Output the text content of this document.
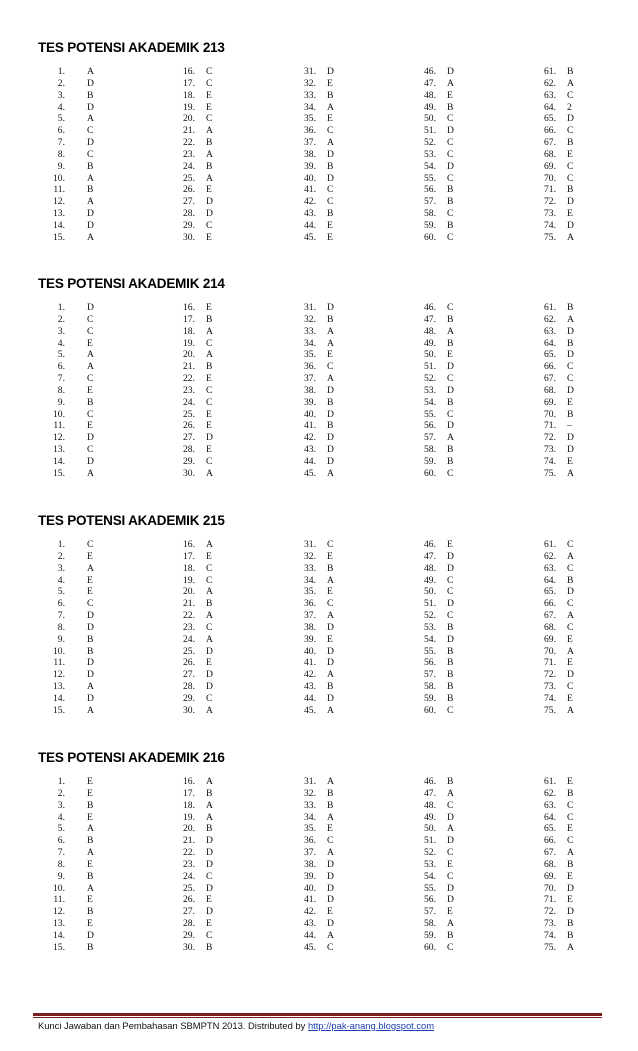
TES POTENSI AKADEMIK 213
1. A
2. D
3. B
4. D
5. A
6. C
7. D
8. C
9. B
10. A
11. B
12. A
13. D
14. D
15. A
16. C
17. C
18. E
19. E
20. C
21. A
22. B
23. A
24. B
25. A
26. E
27. D
28. D
29. C
30. E
31. D
32. E
33. B
34. A
35. E
36. C
37. A
38. D
39. B
40. D
41. C
42. C
43. B
44. E
45. E
46. D
47. A
48. E
49. B
50. C
51. D
52. C
53. C
54. D
55. C
56. B
57. B
58. C
59. B
60. C
61. B
62. A
63. C
64. 2
65. D
66. C
67. B
68. E
69. C
70. C
71. B
72. D
73. E
74. D
75. A
TES POTENSI AKADEMIK 214
1. D
2. C
3. C
4. E
5. A
6. A
7. C
8. E
9. B
10. C
11. E
12. D
13. C
14. D
15. A
16. E
17. B
18. A
19. C
20. A
21. B
22. E
23. C
24. C
25. E
26. E
27. D
28. E
29. C
30. A
31. D
32. B
33. A
34. A
35. E
36. C
37. A
38. D
39. B
40. D
41. B
42. D
43. D
44. D
45. A
46. C
47. B
48. A
49. B
50. E
51. D
52. C
53. D
54. B
55. C
56. D
57. A
58. B
59. B
60. C
61. B
62. A
63. D
64. B
65. D
66. C
67. C
68. D
69. E
70. B
71. –
72. D
73. D
74. E
75. A
TES POTENSI AKADEMIK 215
1. C
2. E
3. A
4. E
5. E
6. C
7. D
8. D
9. B
10. B
11. D
12. D
13. A
14. D
15. A
16. A
17. E
18. C
19. C
20. A
21. B
22. A
23. C
24. A
25. D
26. E
27. D
28. D
29. C
30. A
31. C
32. E
33. B
34. A
35. E
36. C
37. A
38. D
39. E
40. D
41. D
42. A
43. B
44. D
45. A
46. E
47. D
48. D
49. C
50. C
51. D
52. C
53. B
54. D
55. B
56. B
57. B
58. B
59. B
60. C
61. C
62. A
63. C
64. B
65. D
66. C
67. A
68. C
69. E
70. A
71. E
72. D
73. C
74. E
75. A
TES POTENSI AKADEMIK 216
1. E
2. E
3. B
4. E
5. A
6. B
7. A
8. E
9. B
10. A
11. E
12. B
13. E
14. D
15. B
16. A
17. B
18. A
19. A
20. B
21. D
22. D
23. D
24. C
25. D
26. E
27. D
28. E
29. C
30. B
31. A
32. B
33. B
34. A
35. E
36. C
37. A
38. D
39. D
40. D
41. D
42. E
43. D
44. A
45. C
46. B
47. A
48. C
49. D
50. A
51. D
52. C
53. E
54. C
55. D
56. D
57. E
58. A
59. B
60. C
61. E
62. B
63. C
64. C
65. E
66. C
67. A
68. B
69. E
70. D
71. E
72. D
73. B
74. B
75. A
Kunci Jawaban dan Pembahasan SBMPTN 2013. Distributed by http://pak-anang.blogspot.com
